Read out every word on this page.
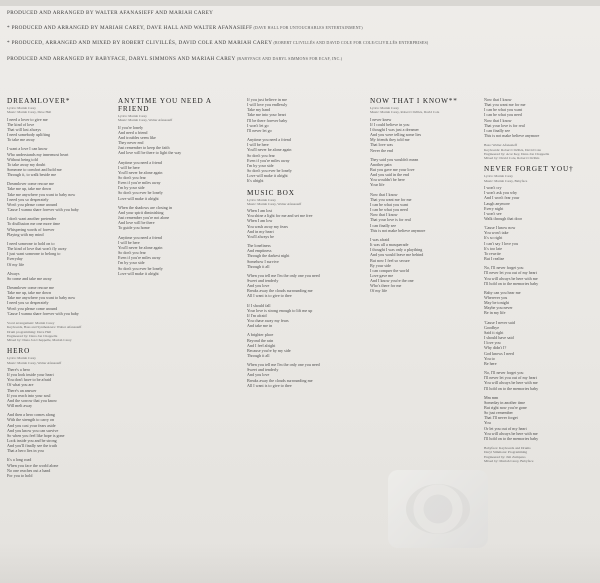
PRODUCED AND ARRANGED BY WALTER AFANASIEFF AND MARIAH CAREY
* PRODUCED AND ARRANGED BY MARIAH CAREY, DAVE HALL AND WALTER AFANASIEFF (DAVE HALL FOR UNTOUCHABLES ENTERTAINMENT)
* PRODUCED, ARRANGED AND MIXED BY ROBERT CLIVILLÉS, DAVID COLE AND MARIAH CAREY (ROBERT CLIVILLÉS AND DAVID COLE FOR COLE/CLIVILLÉS ENTERPRISES)
PRODUCED AND ARRANGED BY BABYFACE, DARYL SIMMONS AND MARIAH CAREY (BABYFACE AND DARYL SIMMONS FOR ECAF, INC.)
DREAMLOVER*
Lyrics: Mariah Carey
Music: Mariah Carey, Dave Hall
I need a lover to give me
The kind of love
That will last always
I need somebody uplifting
To take me away
I want a love I can know
Who understands my innermost heart
Without being told
To take away my doubt
Someone to comfort and hold me
Through it, to walk beside me
Dreamlover come rescue me
Take me up, take me down
Take me anywhere you want to baby now
I need you so desperately
Won't you please come around
'Cause I wanna share forever with you baby
I don't want another pretender
To disillusion me one more time
Whispering words of forever
Playing with my mind
I need someone to hold on to
The kind of love that won't fly away
I just want someone to belong to
Everyday
Of my life
Always
So come and take me away
Dreamlover come rescue me
Take me up, take me down
Take me anywhere you want to baby now
I need you so desperately
Won't you please come around
'Cause I wanna share forever with you baby
Vocal arrangement: Mariah Carey
Keyboards, Bass and Synthesizers: Walter Afanasieff
Drum programming: Dave Hall
Engineered by: Dana Jon Chappelle
Mixed by: Dana Jon Chappelle, Mariah Carey
HERO
Lyrics: Mariah Carey
Music: Mariah Carey, Walter Afanasieff
There's a hero
If you look inside your heart
You don't have to be afraid
Of what you are
There's an answer
If you reach into your soul
And the sorrow that you know
Will melt away
And then a hero comes along
With the strength to carry on
And you cast your fears aside
And you know you can survive
So when you feel like hope is gone
Look inside you and be strong
And you'll finally see the truth
That a hero lies in you
It's a long road
When you face the world alone
No one reaches out a hand
For you to hold
ANYTIME YOU NEED A FRIEND
Lyrics: Mariah Carey
Music: Mariah Carey, Walter Afanasieff
If you're lonely
And need a friend
And troubles seem like
They never end
Just remember to keep the faith
And love will be there to light the way
Anytime you need a friend
I will be here
You'll never be alone again
So don't you fear
Even if you're miles away
I'm by your side
So don't you ever be lonely
Love will make it alright
When the shadows are closing in
And your spirit diminishing
Just remember you're not alone
And love will be there
To guide you home
Anytime you need a friend
I will be here
You'll never be alone again
So don't you fear
Even if you're miles away
I'm by your side
So don't you ever be lonely
Love will make it alright
If you just believe in me
I will love you endlessly
Take my hand
Take me into your heart
I'll be there forever baby
I won't let go
I'll never let go
Anytime you need a friend
I will be here
You'll never be alone again
So don't you fear
Even if you're miles away
I'm by your side
So don't you ever be lonely
Love will make it alright
It's alright
MUSIC BOX
Lyrics: Mariah Carey
Music: Mariah Carey, Walter Afanasieff
When I am lost
You shine a light for me and set me free
When I am low
You wash away my fears
And in my heart
You'll always be
The loneliness
And emptiness
Through the darkest night
Somehow I survive
Through it all
When you tell me I'm the only one you need
Sweet and tenderly
And you love
Breaks away the clouds surrounding me
All I want is to give to thee
If I should fall
Your love is strong enough to lift me up
If I'm afraid
You chase away my fears
And take me in
A brighter place
Beyond the rain
And I feel alright
Because you're by my side
Through it all
When you tell me I'm the only one you need
Sweet and tenderly
And you love
Breaks away the clouds surrounding me
All I want is to give to thee
NOW THAT I KNOW**
Lyrics: Mariah Carey
Music: Mariah Carey, Robert Clivillés, David Cole
I never knew
If I could believe in you
I thought I was just a dreamer
And you were telling some lies
My friends they told me
That love was
Never the end
They said you wouldn't mean
Another pain
But you gave me your love
And you said in the end
You wouldn't be here
Your life
Now that I know
That you want me for me
I can be what you want
I can be what you need
Now that I know
That your love is for real
I can finally see
This is not make believe anymore
I was afraid
It was all a masquerade
I thought I was only a plaything
And you would leave me behind
But now I feel so secure
By your side
I can conquer the world
Love gave me
And I know you're the one
Who's there for me
Of my life
Now that I know
That you want me for me
I can be what you want
I can be what you need
Now that I know
That your love is for real
I can finally see
This is not make believe anymore
Bass: Walter Afanasieff
Keyboards: Robert Clivillés, David Cole
Engineered by: Acar Key, Dana Jon Chappelle
Mixed by: David Cole, Robert Clivillés
NEVER FORGET YOU†
Lyrics: Mariah Carey
Music: Mariah Carey, Babyface
I won't cry
I won't ask you why
And I won't fear your
Laugh anymore
Every night
I won't see
Walk through that door
'Cause I know now
You won't take
It's so right
I can't say I love you
It's too late
To rewrite
But I realize
No, I'll never forget you
I'll never let you out of my heart
You will always be here with me
I'll hold on to the memories baby
Baby can you hear me
Wherever you
May be tonight
Maybe you never
Be in my life
'Cause I never said
Goodbye
Said it right
I should have said
I love you
Why didn't I?
God knows I need
You to
Be here
No, I'll never forget you
I'll never let you out of my heart
You will always be here with me
I'll hold on to the memories baby
Mm mm
Someday in another time
But right now you're gone
So just remember
That I'll never forget
You
Or let you out of my heart
You will always be here with me
I'll hold on to the memories baby
Babyface: Keyboards and Drums
Daryl Simmons: Programming
Engineered by: Jim Zumpano
Mixed by: Mariah Carey, Babyface
